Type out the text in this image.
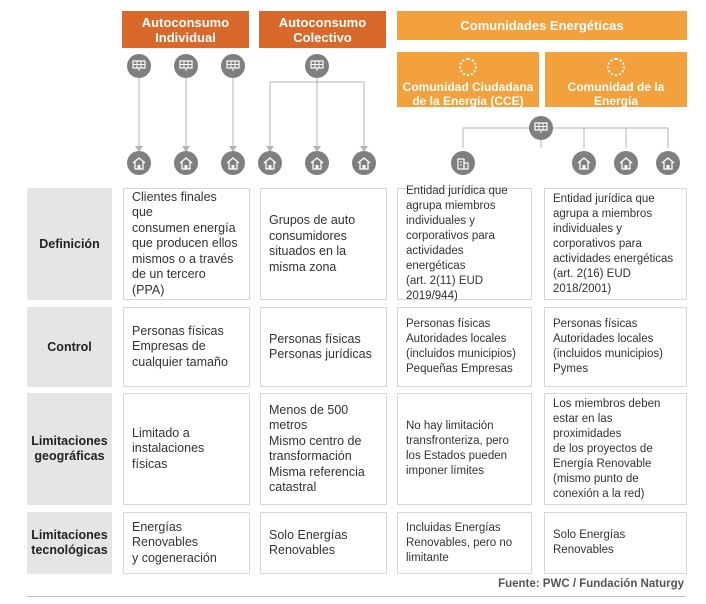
Autoconsumo
Individual
Autoconsumo
Colectivo
Comunidades Energéticas
Comunidad Ciudadana
de la Energía (CCE)
Comunidad de la Energía
Renovable (CER)
Definición
Clientes finales que
consumen energía
que producen ellos
mismos o a través
de un tercero (PPA)
Grupos de auto
consumidores
situados en la
misma zona
Entidad jurídica que
agrupa miembros
individuales y
corporativos para
actividades energéticas
(art. 2(11) EUD 2019/944)
Entidad jurídica que
agrupa a miembros
individuales y
corporativos para
actividades energéticas
(art. 2(16) EUD 2018/2001)
Control
Personas físicas
Empresas de
cualquier tamaño
Personas físicas
Personas jurídicas
Personas físicas
Autoridades locales
(incluidos municipios)
Pequeñas Empresas
Personas físicas
Autoridades locales
(incluidos municipios)
Pymes
Limitaciones
geográficas
Limitado a
instalaciones físicas
Menos de 500 metros
Mismo centro de
transformación
Misma referencia
catastral
No hay limitación
transfronteriza, pero
los Estados pueden
imponer límites
Los miembros deben
estar en las proximidades
de los proyectos de
Energía Renovable
(mismo punto de
conexión a la red)
Limitaciones
tecnológicas
Energías Renovables
y cogeneración
Solo Energías
Renovables
Incluidas Energías
Renovables, pero no
limitante
Solo Energías
Renovables
Fuente: PWC / Fundación Naturgy
